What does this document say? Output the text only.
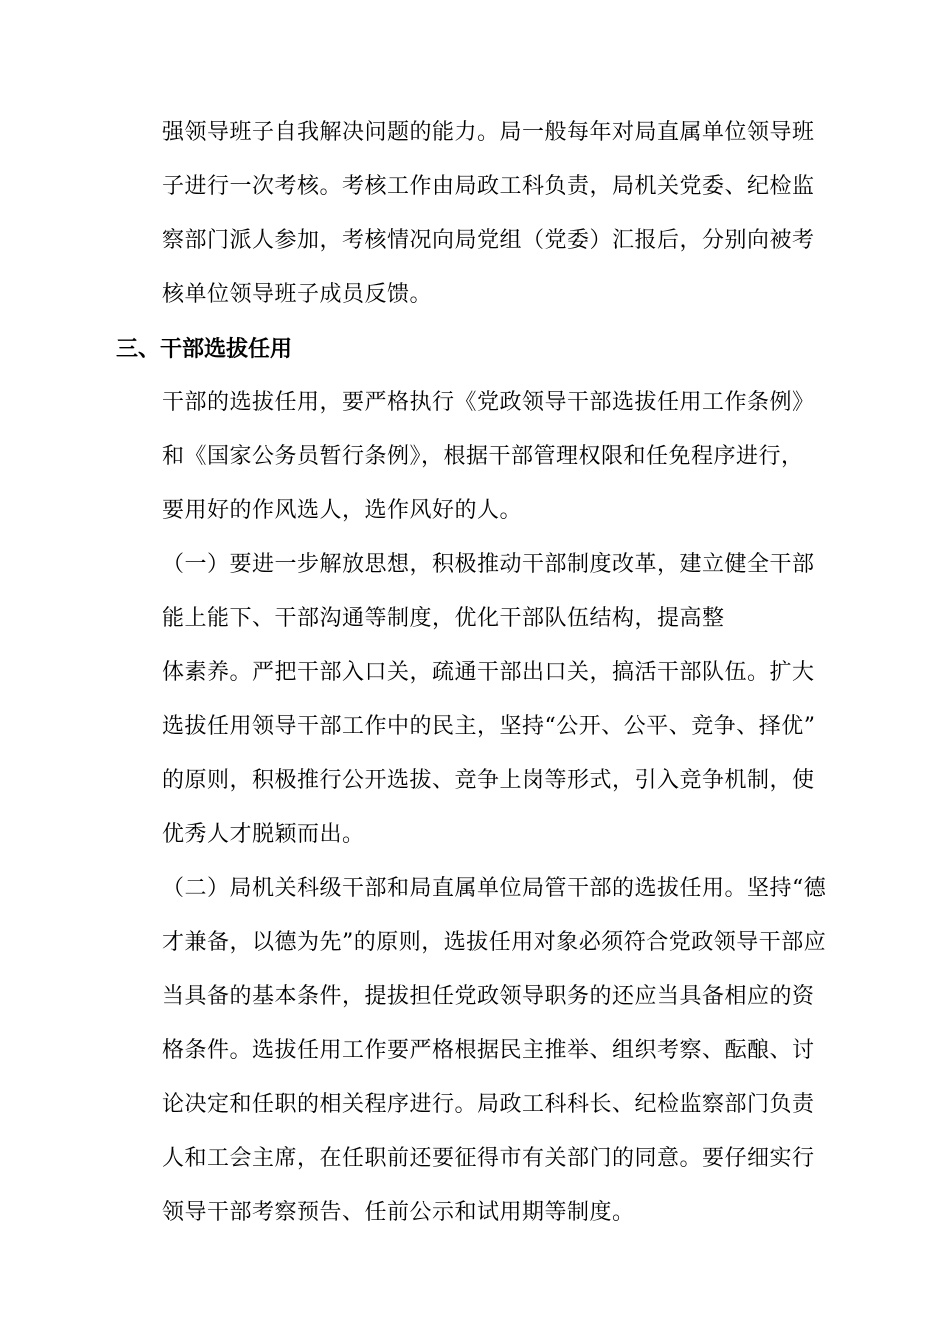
强领导班子自我解决问题的能力。局一般每年对局直属单位领导班
子进行一次考核。考核工作由局政工科负责，局机关党委、纪检监
察部门派人参加，考核情况向局党组（党委）汇报后，分别向被考
核单位领导班子成员反馈。
三、干部选拔任用
干部的选拔任用，要严格执行《党政领导干部选拔任用工作条例》
和《国家公务员暂行条例》，根据干部管理权限和任免程序进行，
要用好的作风选人，选作风好的人。
（一）要进一步解放思想，积极推动干部制度改革，建立健全干部
能上能下、干部沟通等制度，优化干部队伍结构，提高整
体素养。严把干部入口关，疏通干部出口关，搞活干部队伍。扩大
选拔任用领导干部工作中的民主，坚持“公开、公平、竞争、择优”
的原则，积极推行公开选拔、竞争上岗等形式，引入竞争机制，使
优秀人才脱颖而出。
（二）局机关科级干部和局直属单位局管干部的选拔任用。坚持“德
才兼备，以德为先”的原则，选拔任用对象必须符合党政领导干部应
当具备的基本条件，提拔担任党政领导职务的还应当具备相应的资
格条件。选拔任用工作要严格根据民主推举、组织考察、酝酿、讨
论决定和任职的相关程序进行。局政工科科长、纪检监察部门负责
人和工会主席，在任职前还要征得市有关部门的同意。要仔细实行
领导干部考察预告、任前公示和试用期等制度。
